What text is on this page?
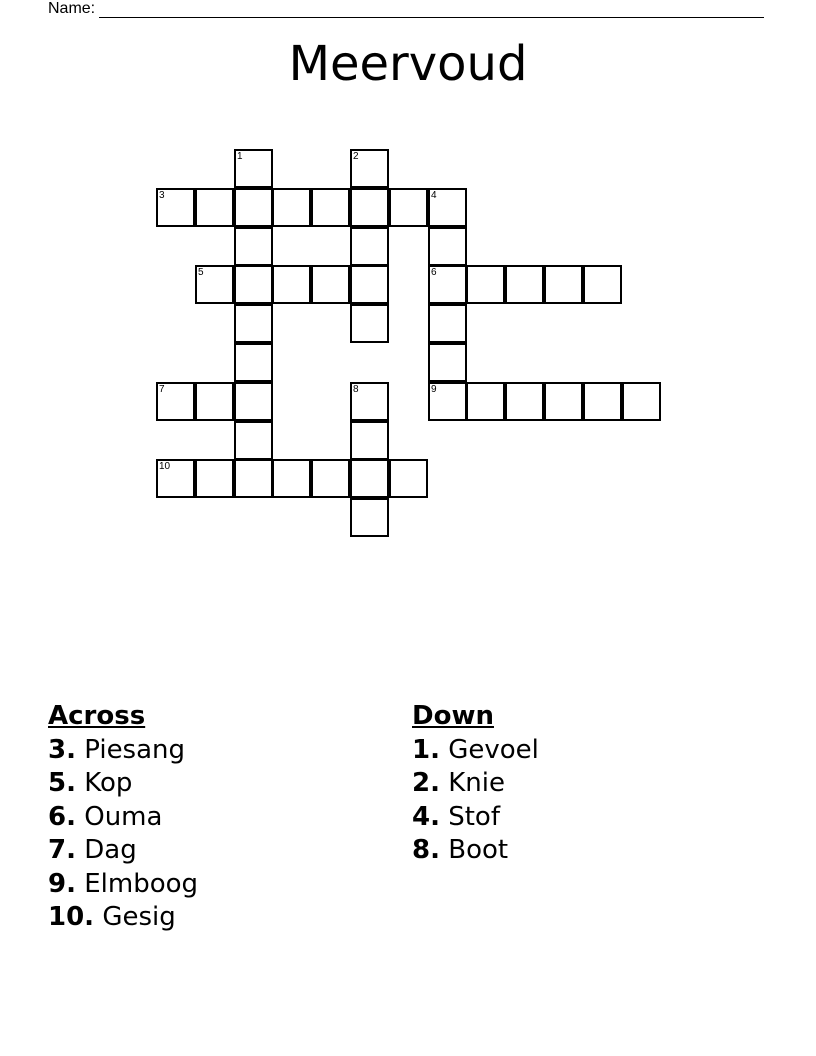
Name:
Meervoud
1	2
3	4
5	6
7	8	9
10
Across
3. Piesang
5. Kop
6. Ouma
7. Dag
9. Elmboog
10. Gesig
Down
1. Gevoel
2. Knie
4. Stof
8. Boot
